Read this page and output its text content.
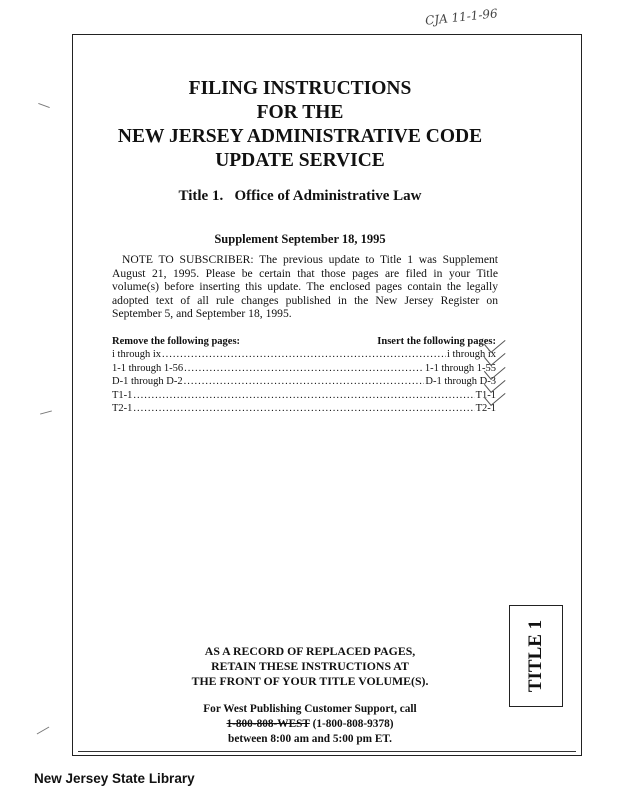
CJA 11-1-96
FILING INSTRUCTIONS
FOR THE
NEW JERSEY ADMINISTRATIVE CODE
UPDATE SERVICE
Title 1.   Office of Administrative Law
Supplement September 18, 1995
NOTE TO SUBSCRIBER: The previous update to Title 1 was Supplement August 21, 1995. Please be certain that those pages are filed in your Title volume(s) before inserting this update. The enclosed pages contain the legally adopted text of all rule changes published in the New Jersey Register on September 5, and September 18, 1995.
Remove the following pages:	Insert the following pages:
i through ix .....	i through ix
1-1 through 1-56 .....	1-1 through 1-55
D-1 through D-2 .....	D-1 through D-3
T1-1 .....	T1-1
T2-1 .....	T2-1
TITLE 1
AS A RECORD OF REPLACED PAGES,
RETAIN THESE INSTRUCTIONS AT
THE FRONT OF YOUR TITLE VOLUME(S).
For West Publishing Customer Support, call
1-800-808-WEST (1-800-808-9378)
between 8:00 am and 5:00 pm ET.
New Jersey State Library
